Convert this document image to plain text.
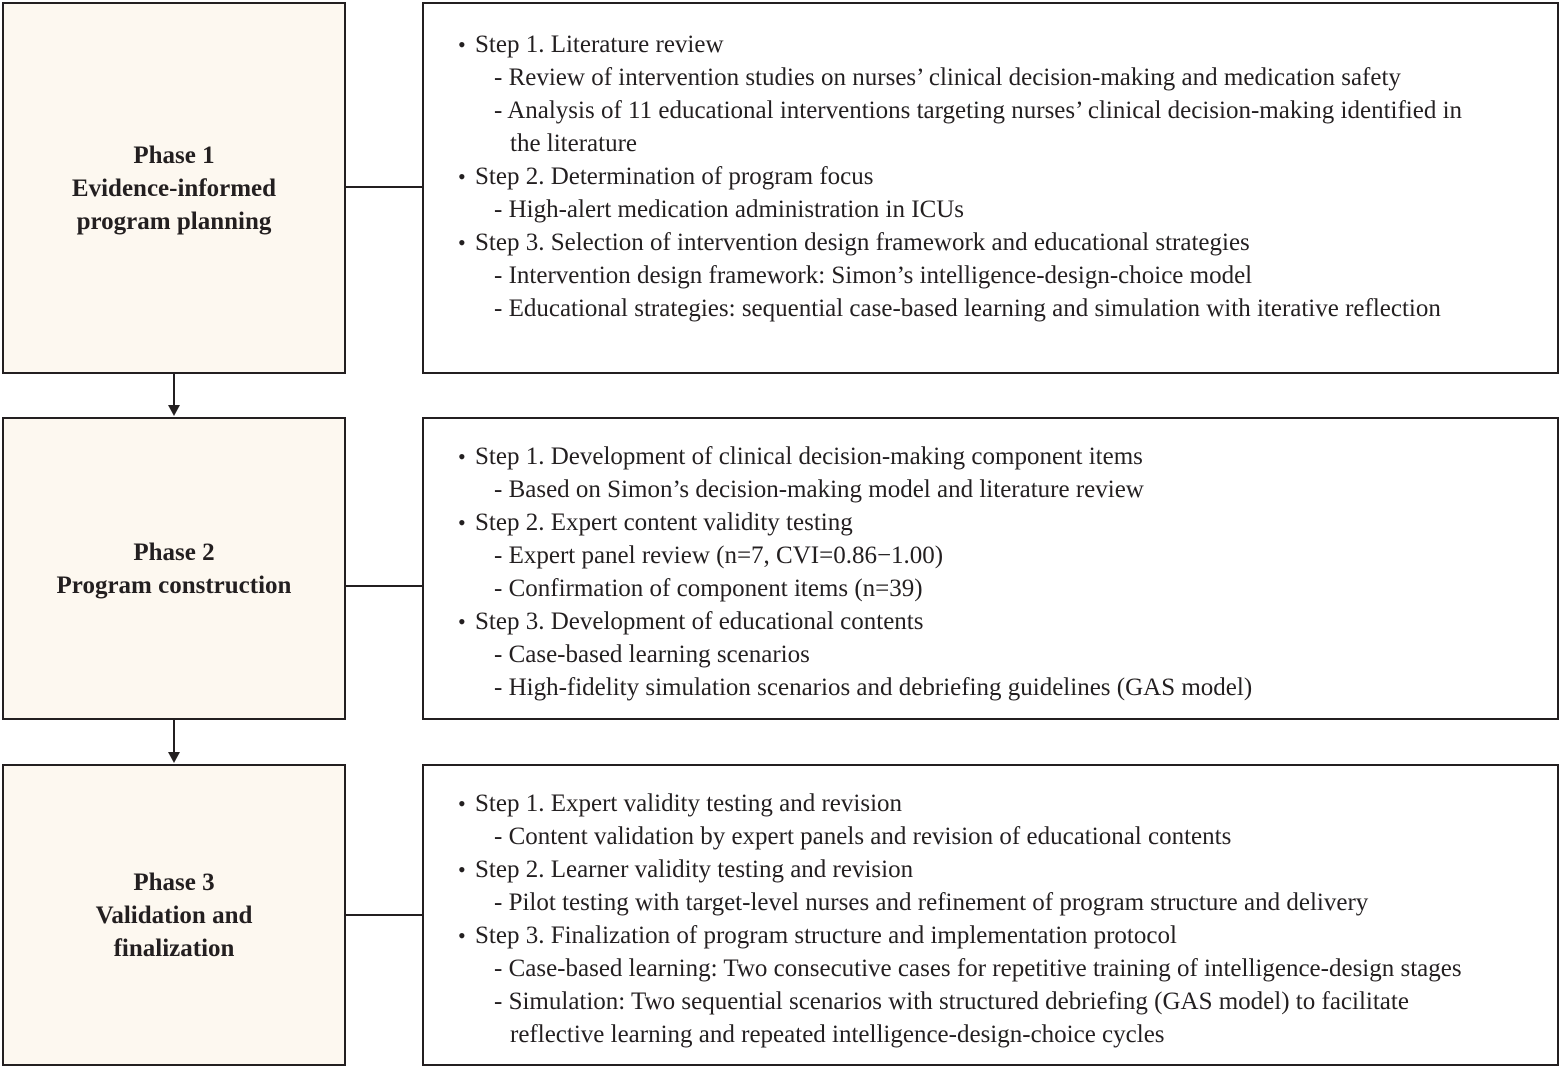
Phase 1
Evidence-informed
program planning
• Step 1. Literature review
- Review of intervention studies on nurses’ clinical decision-making and medication safety
- Analysis of 11 educational interventions targeting nurses’ clinical decision-making identified in the literature
• Step 2. Determination of program focus
- High-alert medication administration in ICUs
• Step 3. Selection of intervention design framework and educational strategies
- Intervention design framework: Simon’s intelligence-design-choice model
- Educational strategies: sequential case-based learning and simulation with iterative reflection
Phase 2
Program construction
• Step 1. Development of clinical decision-making component items
- Based on Simon’s decision-making model and literature review
• Step 2. Expert content validity testing
- Expert panel review (n=7, CVI=0.86−1.00)
- Confirmation of component items (n=39)
• Step 3. Development of educational contents
- Case-based learning scenarios
- High-fidelity simulation scenarios and debriefing guidelines (GAS model)
Phase 3
Validation and
finalization
• Step 1. Expert validity testing and revision
- Content validation by expert panels and revision of educational contents
• Step 2. Learner validity testing and revision
- Pilot testing with target-level nurses and refinement of program structure and delivery
• Step 3. Finalization of program structure and implementation protocol
- Case-based learning: Two consecutive cases for repetitive training of intelligence-design stages
- Simulation: Two sequential scenarios with structured debriefing (GAS model) to facilitate reflective learning and repeated intelligence-design-choice cycles
